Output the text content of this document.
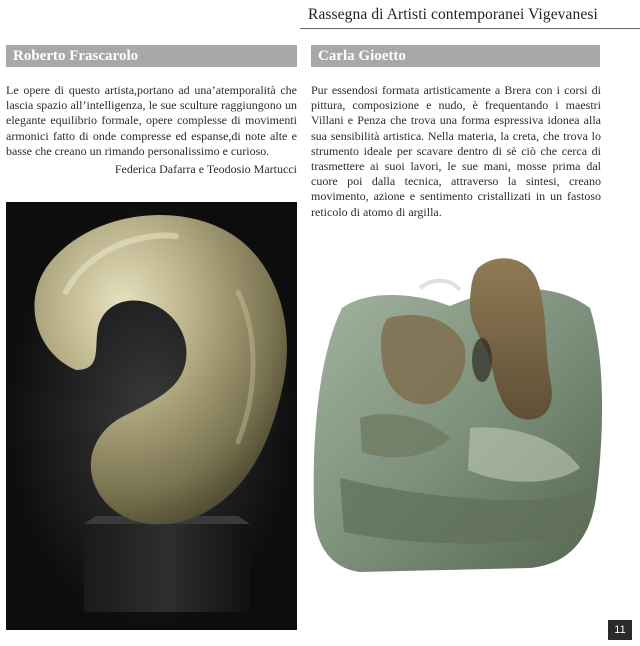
Rassegna di Artisti contemporanei Vigevanesi
Roberto Frascarolo	Carla Gioetto

Le opere di questo artista,portano ad una’atemporalità che lascia spazio all’intelligenza, le sue sculture raggiungono un elegante equilibrio formale, opere complesse di movimenti armonici fatto di onde compresse ed espanse,di note alte e basse che creano un rimando personalissimo e curioso.

Federica Dafarra e Teodosio Martucci

Pur essendosi formata artisticamente a Brera con i corsi di pittura, composizione e nudo, è frequentando i maestri Villani e Penza che trova una forma espressiva idonea alla sua sensibilità artistica. Nella materia, la creta, che trova lo strumento ideale per scavare dentro di sè ciò che cerca di trasmettere ai suoi lavori, le sue mani, mosse prima dal cuore poi dalla tecnica, attraverso la sintesi, creano movimento, azione e sentimento cristallizati in un fastoso reticolo di atomo di argilla.

11
